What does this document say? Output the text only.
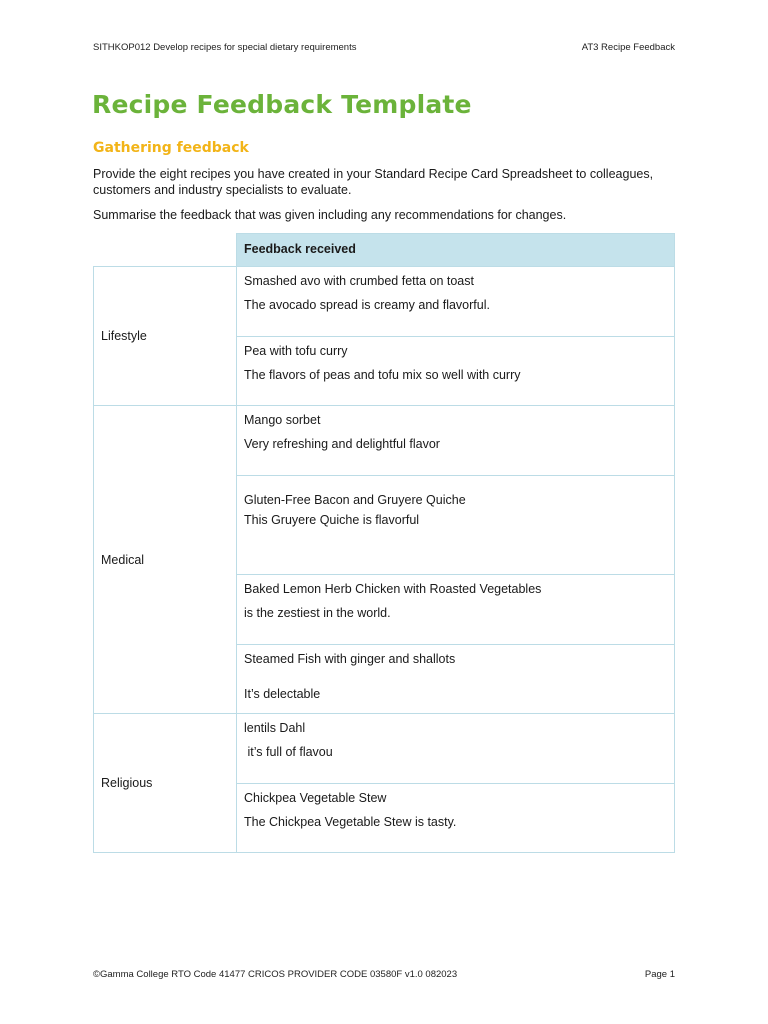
SITHKOP012 Develop recipes for special dietary requirements	AT3 Recipe Feedback
Recipe Feedback Template
Gathering feedback

Provide the eight recipes you have created in your Standard Recipe Card Spreadsheet to colleagues, customers and industry specialists to evaluate.

Summarise the feedback that was given including any recommendations for changes.

	Feedback received
Lifestyle	Smashed avo with crumbed fetta on toast
The avocado spread is creamy and flavorful.

	Pea with tofu curry
The flavors of peas and tofu mix so well with curry

Medical	Mango sorbet
Very refreshing and delightful flavor

	Gluten-Free Bacon and Gruyere Quiche
This Gruyere Quiche is flavorful

	Baked Lemon Herb Chicken with Roasted Vegetables
is the zestiest in the world.

	Steamed Fish with ginger and shallots
It’s delectable

Religious	lentils Dahl
it’s full of flavou

	Chickpea Vegetable Stew
The Chickpea Vegetable Stew is tasty.
©Gamma College RTO Code 41477 CRICOS PROVIDER CODE 03580F v1.0 082023	Page 1
